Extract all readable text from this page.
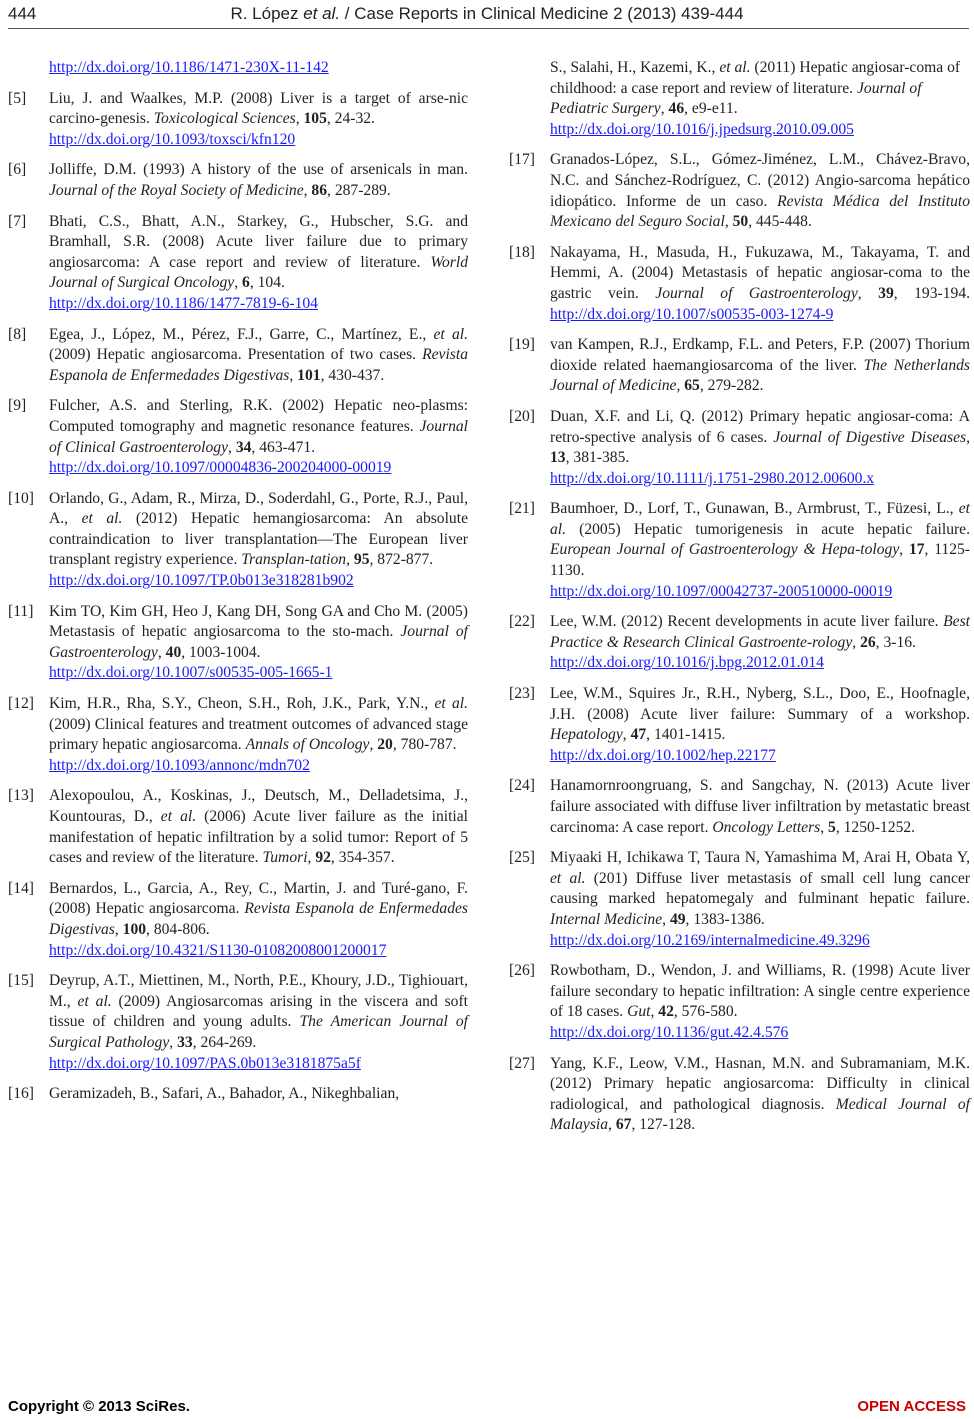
444	R. López et al. / Case Reports in Clinical Medicine 2 (2013) 439-444
http://dx.doi.org/10.1186/1471-230X-11-142
[5] Liu, J. and Waalkes, M.P. (2008) Liver is a target of arse-nic carcino-genesis. Toxicological Sciences, 105, 24-32.
http://dx.doi.org/10.1093/toxsci/kfn120
[6] Jolliffe, D.M. (1993) A history of the use of arsenicals in man. Journal of the Royal Society of Medicine, 86, 287-289.
[7] Bhati, C.S., Bhatt, A.N., Starkey, G., Hubscher, S.G. and Bramhall, S.R. (2008) Acute liver failure due to primary angiosarcoma: A case report and review of literature. World Journal of Surgical Oncology, 6, 104.
http://dx.doi.org/10.1186/1477-7819-6-104
[8] Egea, J., López, M., Pérez, F.J., Garre, C., Martínez, E., et al. (2009) Hepatic angiosarcoma. Presentation of two cases. Revista Espanola de Enfermedades Digestivas, 101, 430-437.
[9] Fulcher, A.S. and Sterling, R.K. (2002) Hepatic neo-plasms: Computed tomography and magnetic resonance features. Journal of Clinical Gastroenterology, 34, 463-471.
http://dx.doi.org/10.1097/00004836-200204000-00019
[10] Orlando, G., Adam, R., Mirza, D., Soderdahl, G., Porte, R.J., Paul, A., et al. (2012) Hepatic hemangiosarcoma: An absolute contraindication to liver transplantation—The European liver transplant registry experience. Transplan-tation, 95, 872-877.
http://dx.doi.org/10.1097/TP.0b013e318281b902
[11] Kim TO, Kim GH, Heo J, Kang DH, Song GA and Cho M. (2005) Metastasis of hepatic angiosarcoma to the sto-mach. Journal of Gastroenterology, 40, 1003-1004.
http://dx.doi.org/10.1007/s00535-005-1665-1
[12] Kim, H.R., Rha, S.Y., Cheon, S.H., Roh, J.K., Park, Y.N., et al. (2009) Clinical features and treatment outcomes of advanced stage primary hepatic angiosarcoma. Annals of Oncology, 20, 780-787.
http://dx.doi.org/10.1093/annonc/mdn702
[13] Alexopoulou, A., Koskinas, J., Deutsch, M., Delladetsima, J., Kountouras, D., et al. (2006) Acute liver failure as the initial manifestation of hepatic infiltration by a solid tumor: Report of 5 cases and review of the literature. Tumori, 92, 354-357.
[14] Bernardos, L., Garcia, A., Rey, C., Martin, J. and Turé-gano, F. (2008) Hepatic angiosarcoma. Revista Espanola de Enfermedades Digestivas, 100, 804-806.
http://dx.doi.org/10.4321/S1130-01082008001200017
[15] Deyrup, A.T., Miettinen, M., North, P.E., Khoury, J.D., Tighiouart, M., et al. (2009) Angiosarcomas arising in the viscera and soft tissue of children and young adults. The American Journal of Surgical Pathology, 33, 264-269.
http://dx.doi.org/10.1097/PAS.0b013e3181875a5f
[16] Geramizadeh, B., Safari, A., Bahador, A., Nikeghbalian,
S., Salahi, H., Kazemi, K., et al. (2011) Hepatic angiosar-coma of childhood: a case report and review of literature. Journal of Pediatric Surgery, 46, e9-e11.
http://dx.doi.org/10.1016/j.jpedsurg.2010.09.005
[17] Granados-López, S.L., Gómez-Jiménez, L.M., Chávez-Bravo, N.C. and Sánchez-Rodríguez, C. (2012) Angio-sarcoma hepático idiopático. Informe de un caso. Revista Médica del Instituto Mexicano del Seguro Social, 50, 445-448.
[18] Nakayama, H., Masuda, H., Fukuzawa, M., Takayama, T. and Hemmi, A. (2004) Metastasis of hepatic angiosar-coma to the gastric vein. Journal of Gastroenterology, 39, 193-194. http://dx.doi.org/10.1007/s00535-003-1274-9
[19] van Kampen, R.J., Erdkamp, F.L. and Peters, F.P. (2007) Thorium dioxide related haemangiosarcoma of the liver. The Netherlands Journal of Medicine, 65, 279-282.
[20] Duan, X.F. and Li, Q. (2012) Primary hepatic angiosar-coma: A retro-spective analysis of 6 cases. Journal of Digestive Diseases, 13, 381-385.
http://dx.doi.org/10.1111/j.1751-2980.2012.00600.x
[21] Baumhoer, D., Lorf, T., Gunawan, B., Armbrust, T., Füzesi, L., et al. (2005) Hepatic tumorigenesis in acute hepatic failure. European Journal of Gastroenterology & Hepa-tology, 17, 1125-1130.
http://dx.doi.org/10.1097/00042737-200510000-00019
[22] Lee, W.M. (2012) Recent developments in acute liver failure. Best Practice & Research Clinical Gastroente-rology, 26, 3-16.
http://dx.doi.org/10.1016/j.bpg.2012.01.014
[23] Lee, W.M., Squires Jr., R.H., Nyberg, S.L., Doo, E., Hoofnagle, J.H. (2008) Acute liver failure: Summary of a workshop. Hepatology, 47, 1401-1415.
http://dx.doi.org/10.1002/hep.22177
[24] Hanamornroongruang, S. and Sangchay, N. (2013) Acute liver failure associated with diffuse liver infiltration by metastatic breast carcinoma: A case report. Oncology Letters, 5, 1250-1252.
[25] Miyaaki H, Ichikawa T, Taura N, Yamashima M, Arai H, Obata Y, et al. (201) Diffuse liver metastasis of small cell lung cancer causing marked hepatomegaly and fulminant hepatic failure. Internal Medicine, 49, 1383-1386.
http://dx.doi.org/10.2169/internalmedicine.49.3296
[26] Rowbotham, D., Wendon, J. and Williams, R. (1998) Acute liver failure secondary to hepatic infiltration: A single centre experience of 18 cases. Gut, 42, 576-580.
http://dx.doi.org/10.1136/gut.42.4.576
[27] Yang, K.F., Leow, V.M., Hasnan, M.N. and Subramaniam, M.K. (2012) Primary hepatic angiosarcoma: Difficulty in clinical radiological, and pathological diagnosis. Medical Journal of Malaysia, 67, 127-128.
Copyright © 2013 SciRes.	OPEN ACCESS
